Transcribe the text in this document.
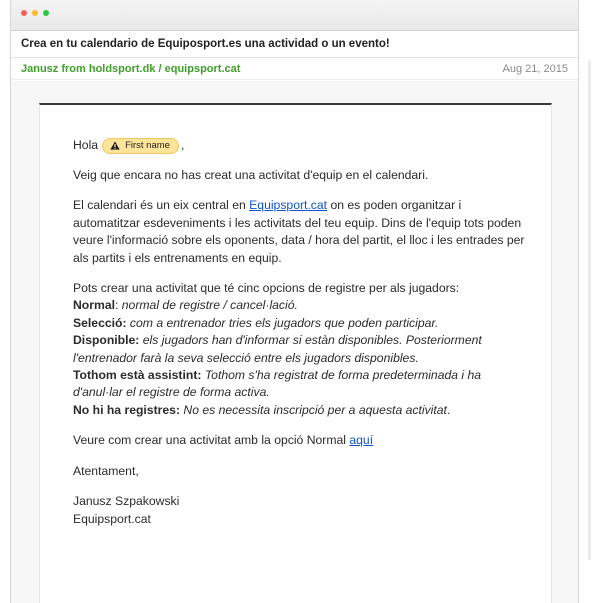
Crea en tu calendario de Equiposport.es una actividad o un evento!
Janusz from holdsport.dk / equipsport.cat	Aug 21, 2015

Hola	First name ,

Veig que encara no has creat una activitat d'equip en el calendari.

El calendari és un eix central en Equipsport.cat on es poden organitzar i automatitzar esdeveniments i les activitats del teu equip. Dins de l'equip tots poden veure l'informació sobre els oponents, data / hora del partit, el lloc i les entrades per als partits i els entrenaments en equip.

Pots crear una activitat que té cinc opcions de registre per als jugadors:
Normal: normal de registre / cancel·lació.
Selecció: com a entrenador tries els jugadors que poden participar.
Disponible: els jugadors han d'informar si estàn disponibles. Posteriorment l'entrenador farà la seva selecció entre els jugadors disponibles.
Tothom està assistint: Tothom s'ha registrat de forma predeterminada i ha d'anul·lar el registre de forma activa.
No hi ha registres: No es necessita inscripció per a aquesta activitat.

Veure com crear una activitat amb la opció Normal aquí

Atentament,

Janusz Szpakowski
Equipsport.cat
